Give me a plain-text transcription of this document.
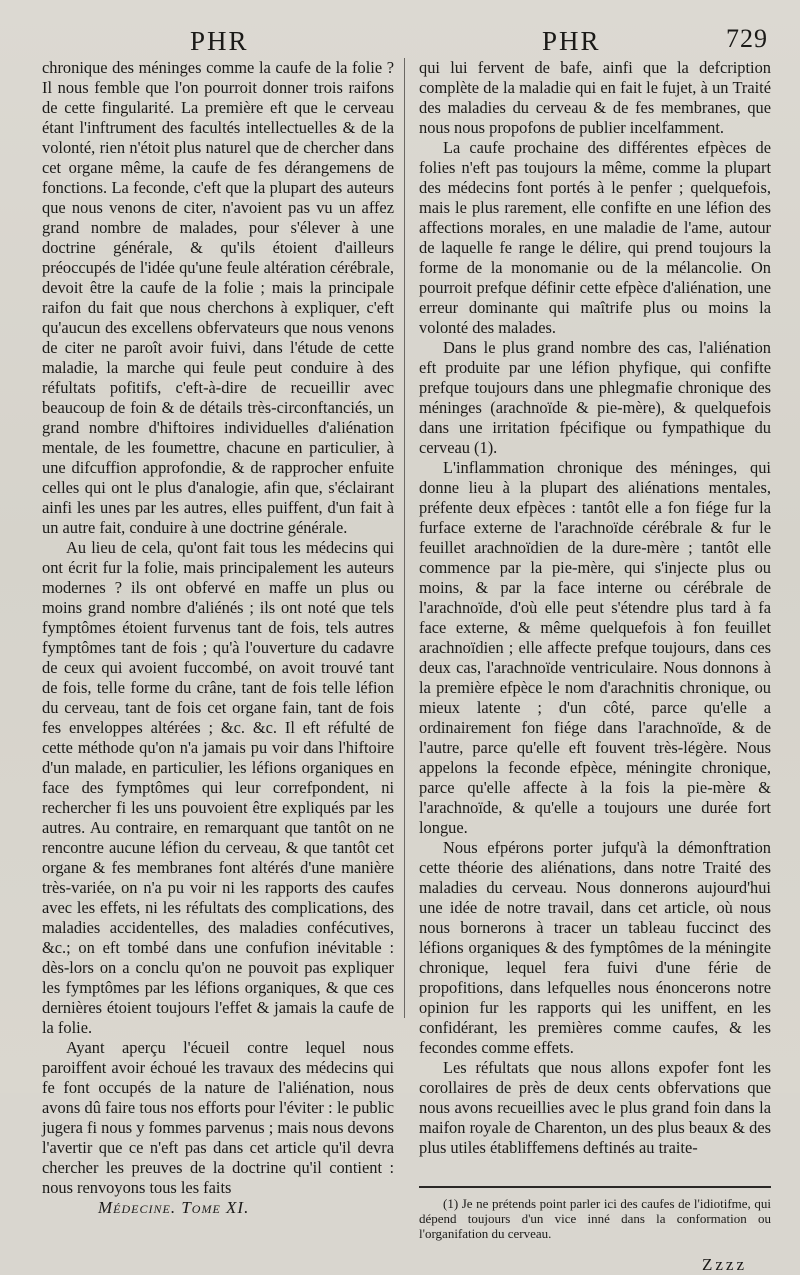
PHR	PHR	729

chronique des méninges comme la caufe de la folie ? Il nous femble que l'on pourroit donner trois raifons de cette fingularité. La première eft que le cerveau étant l'inftrument des facultés intellectuelles & de la volonté, rien n'étoit plus naturel que de chercher dans cet organe même, la caufe de fes dérangemens de fonctions. La feconde, c'eft que la plupart des auteurs que nous venons de citer, n'avoient pas vu un affez grand nombre de malades, pour s'élever à une doctrine générale, & qu'ils étoient d'ailleurs préoccupés de l'idée qu'une feule altération cérébrale, devoit être la caufe de la folie ; mais la principale raifon du fait que nous cherchons à expliquer, c'eft qu'aucun des excellens obfervateurs que nous venons de citer ne paroît avoir fuivi, dans l'étude de cette maladie, la marche qui feule peut conduire à des réfultats pofitifs, c'eft-à-dire de recueillir avec beaucoup de foin & de détails très-circonftanciés, un grand nombre d'hiftoires individuelles d'aliénation mentale, de les foumettre, chacune en particulier, à une difcuffion approfondie, & de rapprocher enfuite celles qui ont le plus d'analogie, afin que, s'éclairant ainfi les unes par les autres, elles puiffent, d'un fait à un autre fait, conduire à une doctrine générale.

Au lieu de cela, qu'ont fait tous les médecins qui ont écrit fur la folie, mais principalement les auteurs modernes ? ils ont obfervé en maffe un plus ou moins grand nombre d'aliénés ; ils ont noté que tels fymptômes étoient furvenus tant de fois, tels autres fymptômes tant de fois ; qu'à l'ouverture du cadavre de ceux qui avoient fuccombé, on avoit trouvé tant de fois, telle forme du crâne, tant de fois telle léfion du cerveau, tant de fois cet organe fain, tant de fois fes enveloppes altérées ; &c. &c. Il eft réfulté de cette méthode qu'on n'a jamais pu voir dans l'hiftoire d'un malade, en particulier, les léfions organiques en face des fymptômes qui leur correfpondent, ni rechercher fi les uns pouvoient être expliqués par les autres. Au contraire, en remarquant que tantôt on ne rencontre aucune léfion du cerveau, & que tantôt cet organe & fes membranes font altérés d'une manière très-variée, on n'a pu voir ni les rapports des caufes avec les effets, ni les réfultats des complications, des maladies accidentelles, des maladies confécutives, &c.; on eft tombé dans une confufion inévitable : dès-lors on a conclu qu'on ne pouvoit pas expliquer les fymptômes par les léfions organiques, & que ces dernières étoient toujours l'effet & jamais la caufe de la folie.

Ayant aperçu l'écueil contre lequel nous paroiffent avoir échoué les travaux des médecins qui fe font occupés de la nature de l'aliénation, nous avons dû faire tous nos efforts pour l'éviter : le public jugera fi nous y fommes parvenus ; mais nous devons l'avertir que ce n'eft pas dans cet article qu'il devra chercher les preuves de la doctrine qu'il contient : nous renvoyons tous les faits

Médecine. Tome XI.

qui lui fervent de bafe, ainfi que la defcription complète de la maladie qui en fait le fujet, à un Traité des maladies du cerveau & de fes membranes, que nous nous propofons de publier incelfamment.

La caufe prochaine des différentes efpèces de folies n'eft pas toujours la même, comme la plupart des médecins font portés à le penfer ; quelquefois, mais le plus rarement, elle confifte en une léfion des affections morales, en une maladie de l'ame, autour de laquelle fe range le délire, qui prend toujours la forme de la monomanie ou de la mélancolie. On pourroit prefque définir cette efpèce d'aliénation, une erreur dominante qui maîtrife plus ou moins la volonté des malades.

Dans le plus grand nombre des cas, l'aliénation eft produite par une léfion phyfique, qui confifte prefque toujours dans une phlegmafie chronique des méninges (arachnoïde & pie-mère), & quelquefois dans une irritation fpécifique ou fympathique du cerveau (1).

L'inflammation chronique des méninges, qui donne lieu à la plupart des aliénations mentales, préfente deux efpèces : tantôt elle a fon fiége fur la furface externe de l'arachnoïde cérébrale & fur le feuillet arachnoïdien de la dure-mère ; tantôt elle commence par la pie-mère, qui s'injecte plus ou moins, & par la face interne ou cérébrale de l'arachnoïde, d'où elle peut s'étendre plus tard à fa face externe, & même quelquefois à fon feuillet arachnoïdien ; elle affecte prefque toujours, dans ces deux cas, l'arachnoïde ventriculaire. Nous donnons à la première efpèce le nom d'arachnitis chronique, ou mieux latente ; d'un côté, parce qu'elle a ordinairement fon fiége dans l'arachnoïde, & de l'autre, parce qu'elle eft fouvent très-légère. Nous appelons la feconde efpèce, méningite chronique, parce qu'elle affecte à la fois la pie-mère & l'arachnoïde, & qu'elle a toujours une durée fort longue.

Nous efpérons porter jufqu'à la démonftration cette théorie des aliénations, dans notre Traité des maladies du cerveau. Nous donnerons aujourd'hui une idée de notre travail, dans cet article, où nous nous bornerons à tracer un tableau fuccinct des léfions organiques & des fymptômes de la méningite chronique, lequel fera fuivi d'une férie de propofitions, dans lefquelles nous énoncerons notre opinion fur les rapports qui les uniffent, en les confidérant, les premières comme caufes, & les fecondes comme effets.

Les réfultats que nous allons expofer font les corollaires de près de deux cents obfervations que nous avons recueillies avec le plus grand foin dans la maifon royale de Charenton, un des plus beaux & des plus utiles établiffemens deftinés au traite-

(1) Je ne prétends point parler ici des caufes de l'idiotifme, qui dépend toujours d'un vice inné dans la conformation ou l'organifation du cerveau.

Zzzz
